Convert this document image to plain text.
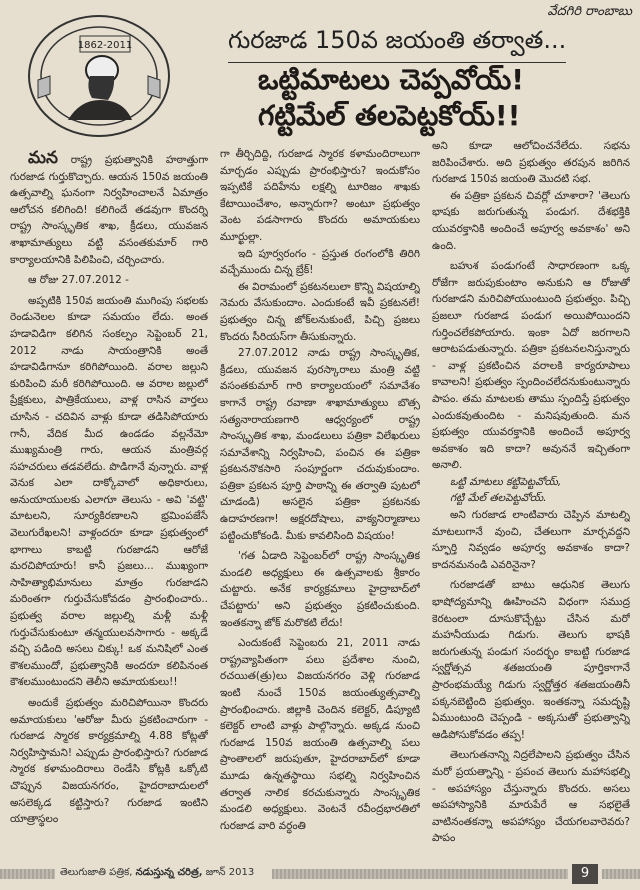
1862-2011
వేదగిరి రాంబాబు
గురజాడ 150వ జయంతి తర్వాత...
ఒట్టిమాటలు చెప్పవోయ్!
గట్టిమేల్ తలపెట్టకోయ్!!

మన రాష్ట్ర ప్రభుత్వానికి హఠాత్తుగా గురజాడ గుర్తుకొచ్చారు. ఆయన 150వ జయంతి ఉత్సవాల్ని ఘనంగా నిర్వహించాలనే ఏమాత్రం ఆలోచన కలిగింది! కలిగిందే తడవుగా కొందర్ని రాష్ట్ర సాంస్కృతిక శాఖ, క్రీడలు, యువజన శాఖామాత్యులు వట్టి వసంతకుమార్ గారి కార్యాలయానికి పిలిపించి, చర్చించారు.

ఆ రోజు 27.07.2012 -

అప్పటికి 150వ జయంతి ముగింపు సభలకు రెండునెలల కూడా సమయం లేదు. అంత హడావిడిగా కలిగిన సంకల్పం సెప్టెంబర్ 21, 2012 నాడు సాయంత్రానికి అంతే హడావిడిగానూ కరిగిపోయింది. వరాల జల్లుని కురిపించి మరీ కరిగిపోయింది. ఆ వరాల జల్లులో ప్రేక్షకులు, పాత్రికేయులు, వాళ్ల రాసిన వార్తలు చూసిన - చదివిన వాళ్లు కూడా తడిసిపోయారు గానీ, వేదిక మీద ఉండడం వల్లనేమో ముఖ్యమంత్రి గారు, ఆయన మంత్రివర్గ సహచరులు తడవలేదు. పొడిగానే వున్నారు. వాళ్ల వెనుక ఎలా దాక్కోవాలో అధికారులు, అనుయాయులకు ఎలాగూ తెలుసు - అవి 'వట్టి' మాటలని, సూర్యకిరణాలని భ్రమింపజేసే వెలుగురేఖలని! వాళ్లందరూ కూడా ప్రభుత్వంలో భాగాలు కాబట్టి గురజాడని ఆరోజే మరచిపోయారు! కానీ ప్రజలు... ముఖ్యంగా సాహిత్యాభిమానులు మాత్రం గురజాడని మరింతగా గుర్తుచేసుకోవడం ప్రారంభించారు.. ప్రభుత్వ వరాల జల్లుల్ని మళ్లీ మళ్లీ గుర్తుచేసుకుంటూ తన్మయులవసాగారు - అక్కడే వచ్చి పడింది అసలు చిక్కు! ఒక మనిషిలో ఎంత కౌశలముందో, ప్రభుత్వానికి అందరూ కలిపినంత కౌశలముంటుందని తెలీని అమాయకులు!!

అందుకే ప్రభుత్వం మరిచిపోయినా కొందరు అమాయకులు 'ఆరోజు మీరు ప్రకటించారుగా - గురజాడ స్మారక కార్యక్రమాల్ని 4.88 కోట్లతో నిర్వహిస్తామని! ఎప్పుడు ప్రారంభిస్తారు? గురజాడ స్మారక కళామందిరాలు రెండేసి కోట్లకి ఒక్కోటి చొప్పున విజయనగరం, హైదరాబాదులలో అసలెక్కడ కట్టిస్తారు? గురజాడ ఇంటిని యాత్రాస్థలం

గా తీర్చిదిద్ది, గురజాడ స్మారక కళామందిరాలుగా మార్చడం ఎప్పుడు ప్రారంభిస్తారు? ఇందుకోసం ఇప్పటికే పదిహేను లక్షల్ని టూరిజం శాఖకు కేటాయించేశాం, అన్నారుగా? అంటూ ప్రభుత్వం వెంట పడసాగారు కొందరు అమాయకులు మూర్ఖుల్లా.

ఇది పూర్వరంగం - ప్రస్తుత రంగంలోకి తిరిగి వచ్చేముందు చిన్న బ్రేక్!

ఈ విరామంలో ప్రకటనలులా కొన్ని విషయాల్ని నెమరు వేసుకుందాం. ఎందుకంటే ఇవీ ప్రకటనలే! ప్రభుత్వం చిన్న జోక్‌లనుకుంటే, పిచ్చి ప్రజలు కొందరు సీరియస్‌గా తీసుకున్నారు.

27.07.2012 నాడు రాష్ట్ర సాంస్కృతిక, క్రీడలు, యువజన పురస్కారాలు మంత్రి వట్టి వసంతకుమార్ గారి కార్యాలయంలో సమావేశం కాగానే రాష్ట్ర రవాణా శాఖామాత్యులు బొత్స సత్యనారాయణగారి ఆధ్వర్యంలో రాష్ట్ర సాంస్కృతిక శాఖ, మండలులు పత్రికా విలేఖరులు సమావేశాన్ని నిర్వహించి, పంచిన ఈ పత్రికా ప్రకటననొకసారి సంపూర్ణంగా చదువుకుందాం. పత్రికా ప్రకటన పూర్తి పాఠాన్ని ఈ తర్వాతి పుటలో చూడండి) అసలైన పత్రికా ప్రకటనకు ఉదాహరణగా! అక్షరదోషాలు, వాక్యనిర్మాణాలు పట్టించుకోకండి. మీకు కావలిసింది విషయం!

'గత ఏడాది సెప్టెంబర్‌లో రాష్ట్ర సాంస్కృతిక మండలి అధ్యక్షులు ఈ ఉత్సవాలకు శ్రీకారం చుట్టారు. అనేక కార్యక్రమాలు హైద్రాబాద్‌లో చేపట్టారు' అని ప్రభుత్వం ప్రకటించుకుంది. ఇంతకన్నా జోక్ మరొకటి లేదు!

ఎందుకంటే సెప్టెంబరు 21, 2011 నాడు రాష్ట్రవ్యాపితంగా పలు ప్రదేశాల నుంచి, రచయిత(త్రు)లు విజయనగరం వెళ్లి గురజాడ ఇంటి నుంచే 150వ జయంత్యుత్సవాల్ని ప్రారంభించారు. జిల్లాకి చెందిన కలెక్టర్, డిప్యూటి కలెక్టర్ లాంటి వాళ్లు పాల్గొన్నారు. అక్కడ నుంచి గురజాడ 150వ జయంతి ఉత్సవాల్ని పలు ప్రాంతాలలో జరుపుతూ, హైదరాబాద్‌లో కూడా మూడు ఉన్నతస్థాయి సభల్ని నిర్వహించిన తర్వాత నాలిక కరచుకున్నారు సాంస్కృతిక మండలి అధ్యక్షులు. వెంటనే రవీంద్రభారతిలో గురజాడ వారి వర్ధంతి

అని కూడా ఆలోచించనేలేదు. సభను జరిపించేశారు. అది ప్రభుత్వం తరపున జరిగిన గురజాడ 150వ జయంతి మొదటి సభ.

ఈ పత్రికా ప్రకటన చివర్లో చూశారా? 'తెలుగు భాషకు జరుగుతున్న పండుగ. దేశభక్తికి యువరక్తానికి అందించే అపూర్వ అవకాశం' అని ఉంది.

బహుశ పండుగంటే సాధారణంగా ఒక్క రోజేగా జరుపుకుంటాం అనుకుని ఆ రోజుతో గురజాడని మరిచిపోయుంటుంది ప్రభుత్వం. పిచ్చి ప్రజలూ గురజాడ పండుగ అయిపోయిందని గుర్తించలేకపోయారు. ఇంకా ఏదో జరగాలని ఆరాటపడుతున్నారు. పత్రికా ప్రకటనలనిస్తున్నారు - వాళ్ల ప్రకటించిన వరాలకి కార్యరూపాలు కావాలని! ప్రభుత్వం స్పందించలేదనుకుంటున్నారు పాపం. తమ మాటలకు తాము స్పందిస్తే ప్రభుత్వం ఎందుకవుతుందిట - మనిషవుతుంది. మన ప్రభుత్వం యువరక్తానికి అందించే అపూర్వ అవకాశం ఇది కాదా? అవుననే ఇచ్చితంగా అనాలి.

ఒట్టి మాటలు కట్టిపెట్టవోయ్,

గట్టి మేల్ తలపెట్టవోయ్.

అని గురజాడ లాంటివారు చెప్పిన మాటల్ని మాటలుగానే వుంచి, చేతలుగా మార్చవద్దని స్ఫూర్తి నివ్వడం అపూర్వ అవకాశం కాదా? కాదనమనండి ఎవరినైనా?

గురజాడతో బాటు ఆధునిక తెలుగు భాషోద్యమాన్ని ఊహించని విధంగా సముద్ర కెరటంలా దూసుకొచ్చేట్టు చేసిన మరో మహనీయుడు గిడుగు. తెలుగు భాషకి జరుగుతున్న పండుగ సందర్భం కాబట్టి గురజాడ స్వర్ణోత్సవ శతజయంతి పూర్తికాగానే ప్రారంభమయ్యే గిడుగు స్వర్ణోత్తర శతజయంతినీ పక్కనబెట్టింది ప్రభుత్వం. ఇంతకన్నా సమదృష్టి ఏముంటుంది చెప్పండి - అక్కసుతో ప్రభుత్వాన్ని ఆడిపోసుకోవడం తప్ప!

తెలుగుతనాన్ని నిద్రలేపాలని ప్రభుత్వం చేసిన మరో ప్రయత్నాన్ని - ప్రపంచ తెలుగు మహాసభల్ని - అపహాస్యం చేస్తున్నారు కొందరు. అసలు అపహాస్యానికి మారుపేరే ఆ సభలైతే వాటినంతకన్నా అపహాస్యం చేయగలవారెవరు? పాపం

తెలుగుజాతి పత్రిక, నడుస్తున్న చరిత్ర, జూన్ 2013	9
